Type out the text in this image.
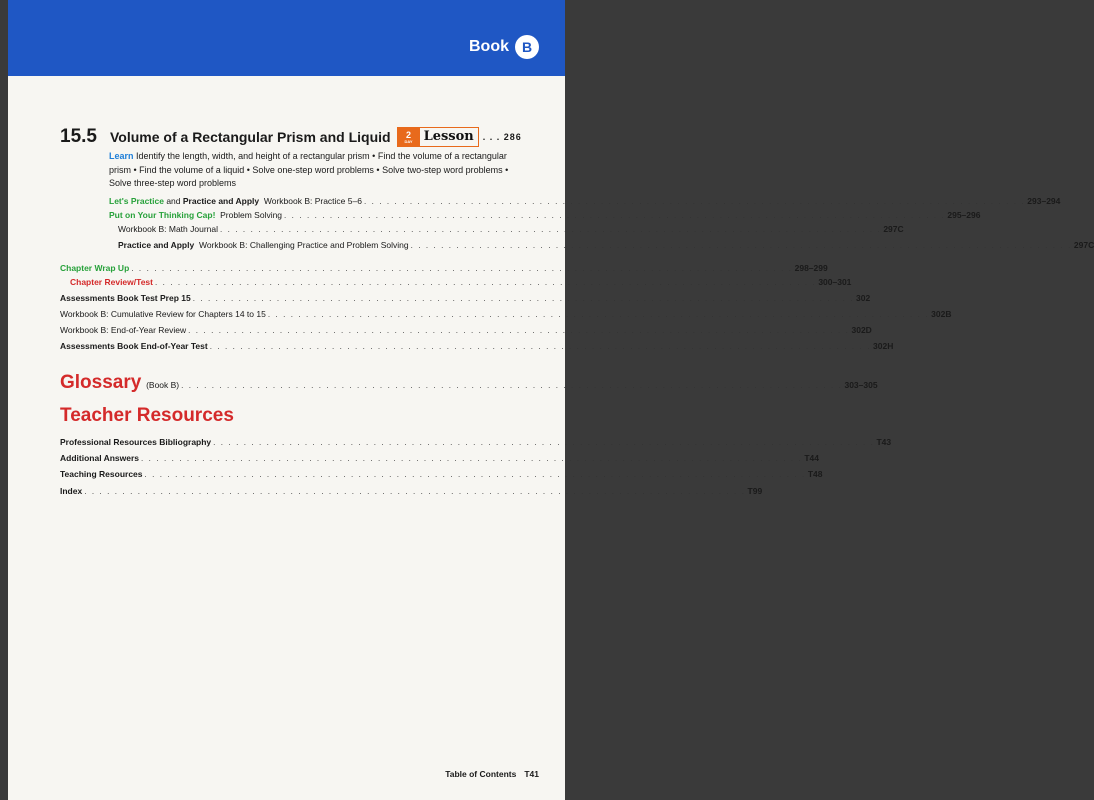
Book B
15.5 Volume of a Rectangular Prism and Liquid 2
DAY Lesson	. . . 286
Learn Identify the length, width, and height of a rectangular prism • Find the volume of a rectangular prism • Find the volume of a liquid • Solve one-step word problems • Solve two-step word problems • Solve three-step word problems
Let's Practice
and
Practice and Apply
Workbook B: Practice 5–6 . . . . . . . . . . . . . . . . . . . . . . . . . . . . . . . . . . . . . . . . . . . . . . . . . . . . . . . . . . . . . . . . . . . . . . . . . . . . . . . . . . . . . . . 293–294
Put on Your Thinking Cap!
Problem Solving . . . . . . . . . . . . . . . . . . . . . . . . . . . . . . . . . . . . . . . . . . . . . . . . . . . . . . . . . . . . . . . . . . . . . . . . . . . . . . . . . . . . . . . 295–296
Workbook B: Math Journal . . . . . . . . . . . . . . . . . . . . . . . . . . . . . . . . . . . . . . . . . . . . . . . . . . . . . . . . . . . . . . . . . . . . . . . . . . . . . . . . . . . . . . . 297C
Practice and Apply
Workbook B: Challenging Practice and Problem Solving . . . . . . . . . . . . . . . . . . . . . . . . . . . . . . . . . . . . . . . . . . . . . . . . . . . . . . . . . . . . . . . . . . . . . . . . . . . . . . . . . . . . . . . 297C
Chapter Wrap Up . . . . . . . . . . . . . . . . . . . . . . . . . . . . . . . . . . . . . . . . . . . . . . . . . . . . . . . . . . . . . . . . . . . . . . . . . . . . . . . . . . . . . . . 298–299
Chapter Review/Test . . . . . . . . . . . . . . . . . . . . . . . . . . . . . . . . . . . . . . . . . . . . . . . . . . . . . . . . . . . . . . . . . . . . . . . . . . . . . . . . . . . . . . . 300–301
Assessments Book Test Prep 15 . . . . . . . . . . . . . . . . . . . . . . . . . . . . . . . . . . . . . . . . . . . . . . . . . . . . . . . . . . . . . . . . . . . . . . . . . . . . . . . . . . . . . . . 302
Workbook B: Cumulative Review for Chapters 14 to 15 . . . . . . . . . . . . . . . . . . . . . . . . . . . . . . . . . . . . . . . . . . . . . . . . . . . . . . . . . . . . . . . . . . . . . . . . . . . . . . . . . . . . . . . 302B
Workbook B: End-of-Year Review . . . . . . . . . . . . . . . . . . . . . . . . . . . . . . . . . . . . . . . . . . . . . . . . . . . . . . . . . . . . . . . . . . . . . . . . . . . . . . . . . . . . . . . 302D
Assessments Book End-of-Year Test . . . . . . . . . . . . . . . . . . . . . . . . . . . . . . . . . . . . . . . . . . . . . . . . . . . . . . . . . . . . . . . . . . . . . . . . . . . . . . . . . . . . . . . 302H
Glossary
(Book B) . . . . . . . . . . . . . . . . . . . . . . . . . . . . . . . . . . . . . . . . . . . . . . . . . . . . . . . . . . . . . . . . . . . . . . . . . . . . . . . . . . . . . . . 303–305
Teacher Resources
Professional Resources Bibliography . . . . . . . . . . . . . . . . . . . . . . . . . . . . . . . . . . . . . . . . . . . . . . . . . . . . . . . . . . . . . . . . . . . . . . . . . . . . . . . . . . . . . . . T43
Additional Answers . . . . . . . . . . . . . . . . . . . . . . . . . . . . . . . . . . . . . . . . . . . . . . . . . . . . . . . . . . . . . . . . . . . . . . . . . . . . . . . . . . . . . . . T44
Teaching Resources . . . . . . . . . . . . . . . . . . . . . . . . . . . . . . . . . . . . . . . . . . . . . . . . . . . . . . . . . . . . . . . . . . . . . . . . . . . . . . . . . . . . . . . T48
Index . . . . . . . . . . . . . . . . . . . . . . . . . . . . . . . . . . . . . . . . . . . . . . . . . . . . . . . . . . . . . . . . . . . . . . . . . . . . . . . . . . . . . . . T99
Table of Contents T41
